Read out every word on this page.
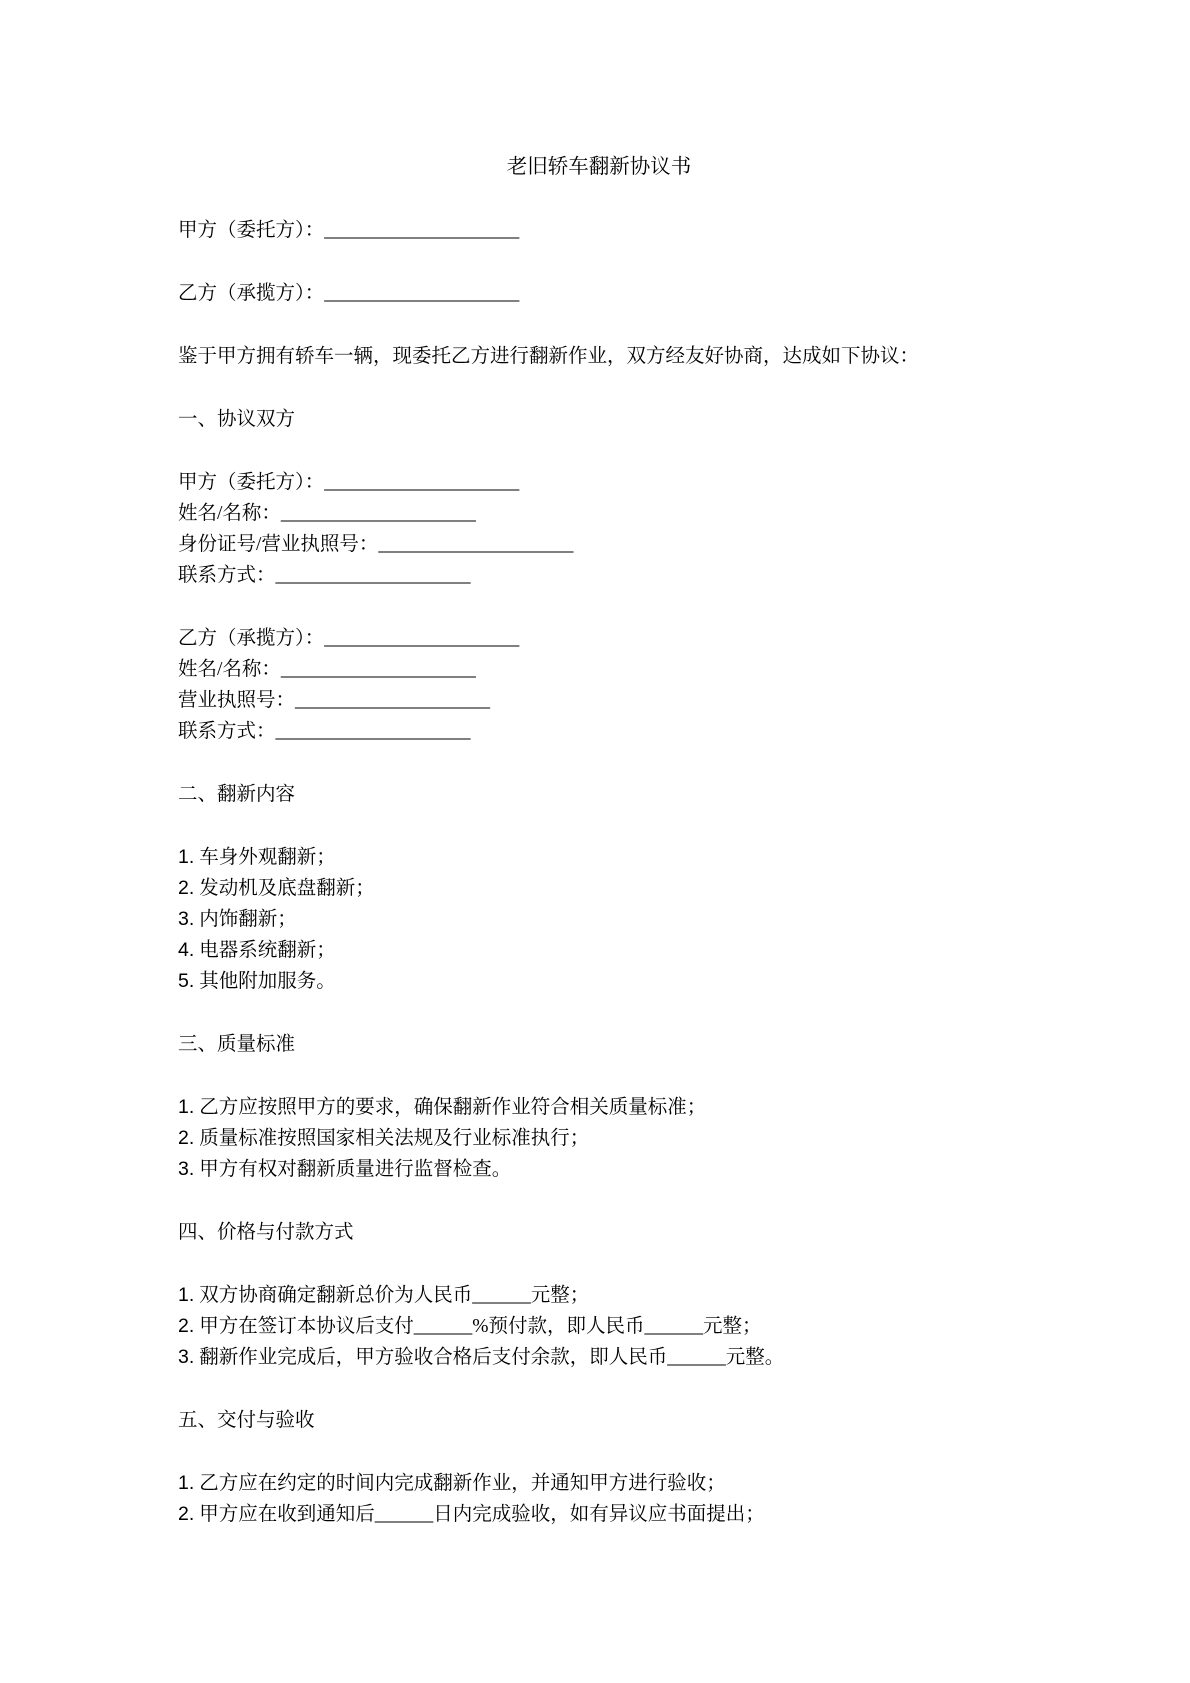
老旧轿车翻新协议书

甲方（委托方）：____________________

乙方（承揽方）：____________________

鉴于甲方拥有轿车一辆，现委托乙方进行翻新作业，双方经友好协商，达成如下协议：

一、协议双方

甲方（委托方）：____________________

姓名/名称：____________________

身份证号/营业执照号：____________________

联系方式：____________________

乙方（承揽方）：____________________

姓名/名称：____________________

营业执照号：____________________

联系方式：____________________

二、翻新内容

1. 车身外观翻新；

2. 发动机及底盘翻新；

3. 内饰翻新；

4. 电器系统翻新；

5. 其他附加服务。

三、质量标准

1. 乙方应按照甲方的要求，确保翻新作业符合相关质量标准；

2. 质量标准按照国家相关法规及行业标准执行；

3. 甲方有权对翻新质量进行监督检查。

四、价格与付款方式

1. 双方协商确定翻新总价为人民币______元整；

2. 甲方在签订本协议后支付______%预付款，即人民币______元整；

3. 翻新作业完成后，甲方验收合格后支付余款，即人民币______元整。

五、交付与验收

1. 乙方应在约定的时间内完成翻新作业，并通知甲方进行验收；

2. 甲方应在收到通知后______日内完成验收，如有异议应书面提出；
